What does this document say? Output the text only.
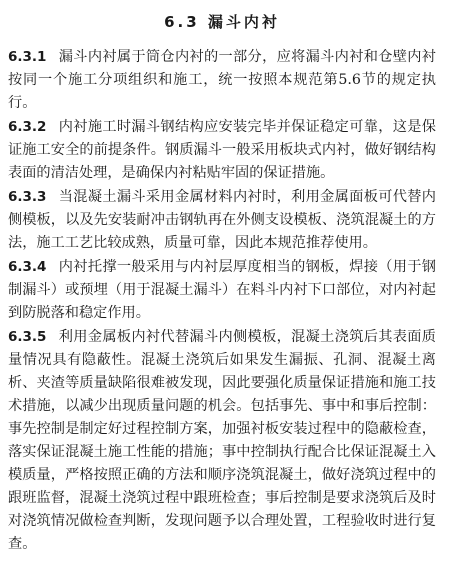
6.3 漏斗内衬

6.3.1 漏斗内衬属于筒仓内衬的一部分，应将漏斗内衬和仓壁内衬按同一个施工分项组织和施工，统一按照本规范第5.6节的规定执行。

6.3.2 内衬施工时漏斗钢结构应安装完毕并保证稳定可靠，这是保证施工安全的前提条件。钢质漏斗一般采用板块式内衬，做好钢结构表面的清洁处理，是确保内衬粘贴牢固的保证措施。

6.3.3 当混凝土漏斗采用金属材料内衬时，利用金属面板可代替内侧模板，以及先安装耐冲击钢轨再在外侧支设模板、浇筑混凝土的方法，施工工艺比较成熟，质量可靠，因此本规范推荐使用。

6.3.4 内衬托撑一般采用与内衬层厚度相当的钢板，焊接（用于钢制漏斗）或预埋（用于混凝土漏斗）在料斗内衬下口部位，对内衬起到防脱落和稳定作用。

6.3.5 利用金属板内衬代替漏斗内侧模板，混凝土浇筑后其表面质量情况具有隐蔽性。混凝土浇筑后如果发生漏振、孔洞、混凝土离析、夹渣等质量缺陷很难被发现，因此要强化质量保证措施和施工技术措施，以减少出现质量问题的机会。包括事先、事中和事后控制：事先控制是制定好过程控制方案，加强衬板安装过程中的隐蔽检查，落实保证混凝土施工性能的措施；事中控制执行配合比保证混凝土入模质量，严格按照正确的方法和顺序浇筑混凝土，做好浇筑过程中的跟班监督，混凝土浇筑过程中跟班检查；事后控制是要求浇筑后及时对浇筑情况做检查判断，发现问题予以合理处置，工程验收时进行复查。
